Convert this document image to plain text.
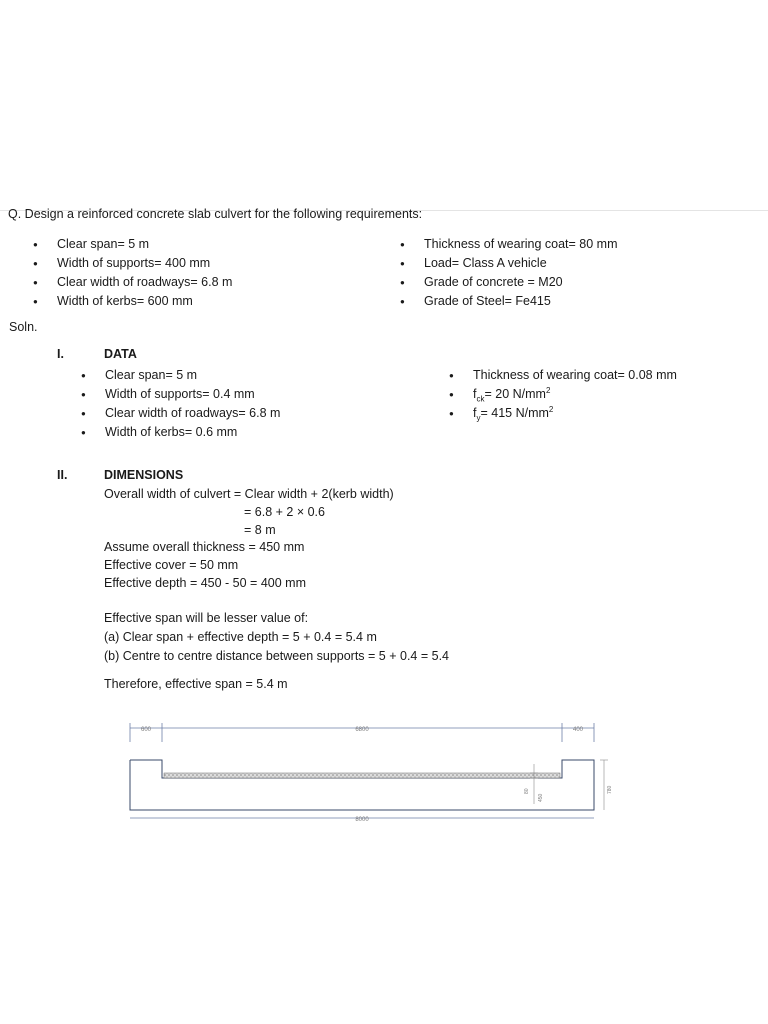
Q. Design a reinforced concrete slab culvert for the following requirements:
● Clear span= 5 m
● Width of supports= 400 mm
● Clear width of roadways= 6.8 m
● Width of kerbs= 600 mm
● Thickness of wearing coat= 80 mm
● Load= Class A vehicle
● Grade of concrete = M20
● Grade of Steel= Fe415
Soln.
I.	DATA
● Clear span= 5 m
● Width of supports= 0.4 mm
● Clear width of roadways= 6.8 m
● Width of kerbs= 0.6 mm
● Thickness of wearing coat= 0.08 mm
● $f_{ck}= 20$ $N/mm^2$
● $f_y= 415$ $N/mm^2$
II.	DIMENSIONS
Overall width of culvert = Clear width + 2(kerb width)
= 6.8 + 2 × 0.6
= 8 m
Assume overall thickness = 450 mm
Effective cover = 50 mm
Effective depth = 450 - 50 = 400 mm
Effective span will be lesser value of:
(a) Clear span + effective depth = 5 + 0.4 = 5.4 m
(b) Centre to centre distance between supports = 5 + 0.4 = 5.4
Therefore, effective span = 5.4 m
600	6800	400
80
450
780
8000
